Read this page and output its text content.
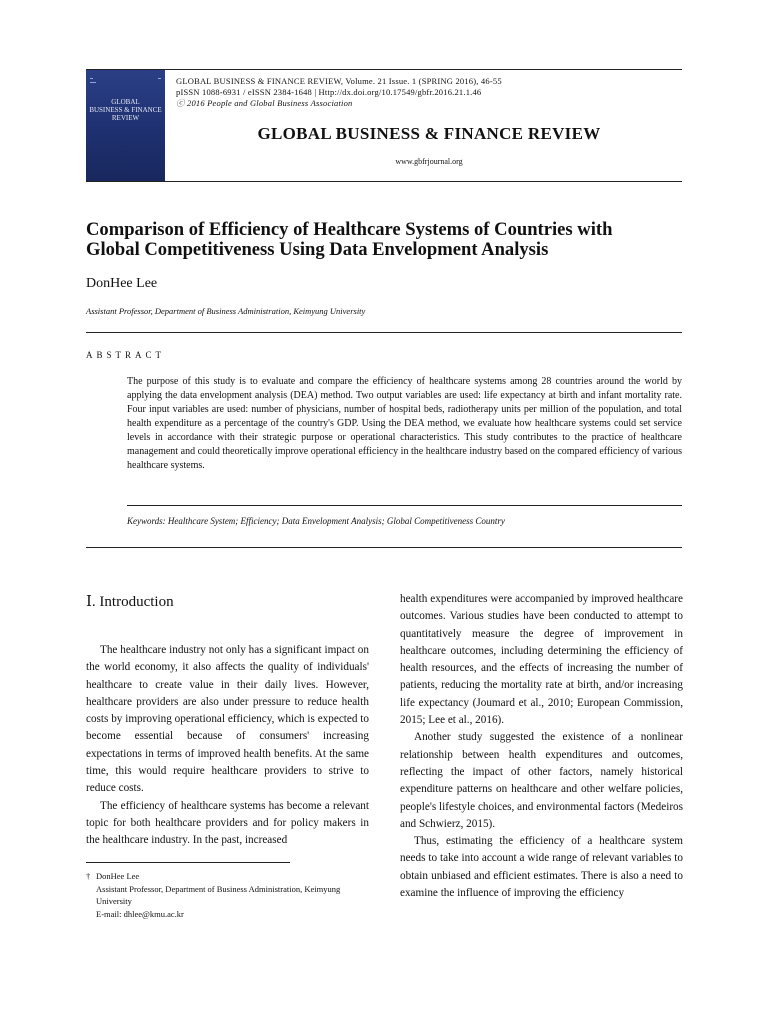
▬
▬▬
▬
GLOBAL
BUSINESS & FINANCE
REVIEW
GLOBAL BUSINESS & FINANCE REVIEW, Volume. 21 Issue. 1 (SPRING 2016), 46-55
pISSN 1088-6931 / eISSN 2384-1648 | Http://dx.doi.org/10.17549/gbfr.2016.21.1.46
ⓒ 2016 People and Global Business Association
GLOBAL BUSINESS & FINANCE REVIEW
www.gbfrjournal.org
Comparison of Efficiency of Healthcare Systems of Countries with
Global Competitiveness Using Data Envelopment Analysis
DonHee Lee
Assistant Professor, Department of Business Administration, Keimyung University
ABSTRACT
The purpose of this study is to evaluate and compare the efficiency of healthcare systems among 28 countries around the world by applying the data envelopment analysis (DEA) method. Two output variables are used: life expectancy at birth and infant mortality rate. Four input variables are used: number of physicians, number of hospital beds, radiotherapy units per million of the population, and total health expenditure as a percentage of the country's GDP. Using the DEA method, we evaluate how healthcare systems could set service levels in accordance with their strategic purpose or operational characteristics. This study contributes to the practice of healthcare management and could theoretically improve operational efficiency in the healthcare industry based on the compared efficiency of various healthcare systems.
Keywords: Healthcare System; Efficiency; Data Envelopment Analysis; Global Competitiveness Country
Ⅰ. Introduction

The healthcare industry not only has a significant impact on the world economy, it also affects the quality of individuals' healthcare to create value in their daily lives. However, healthcare providers are also under pressure to reduce health costs by improving operational efficiency, which is expected to become essential because of consumers' increasing expectations in terms of improved health benefits. At the same time, this would require healthcare providers to strive to reduce costs.

The efficiency of healthcare systems has become a relevant topic for both healthcare providers and for policy makers in the healthcare industry. In the past, increased

health expenditures were accompanied by improved healthcare outcomes. Various studies have been conducted to attempt to quantitatively measure the degree of improvement in healthcare outcomes, including determining the efficiency of health resources, and the effects of increasing the number of patients, reducing the mortality rate at birth, and/or increasing life expectancy (Joumard et al., 2010; European Commission, 2015; Lee et al., 2016).

Another study suggested the existence of a nonlinear relationship between health expenditures and outcomes, reflecting the impact of other factors, namely historical expenditure patterns on healthcare and other welfare policies, people's lifestyle choices, and environmental factors (Medeiros and Schwierz, 2015).

Thus, estimating the efficiency of a healthcare system needs to take into account a wide range of relevant variables to obtain unbiased and efficient estimates. There is also a need to examine the influence of improving the efficiency

† DonHee Lee
Assistant Professor, Department of Business Administration, Keimyung University
E-mail: dhlee@kmu.ac.kr
